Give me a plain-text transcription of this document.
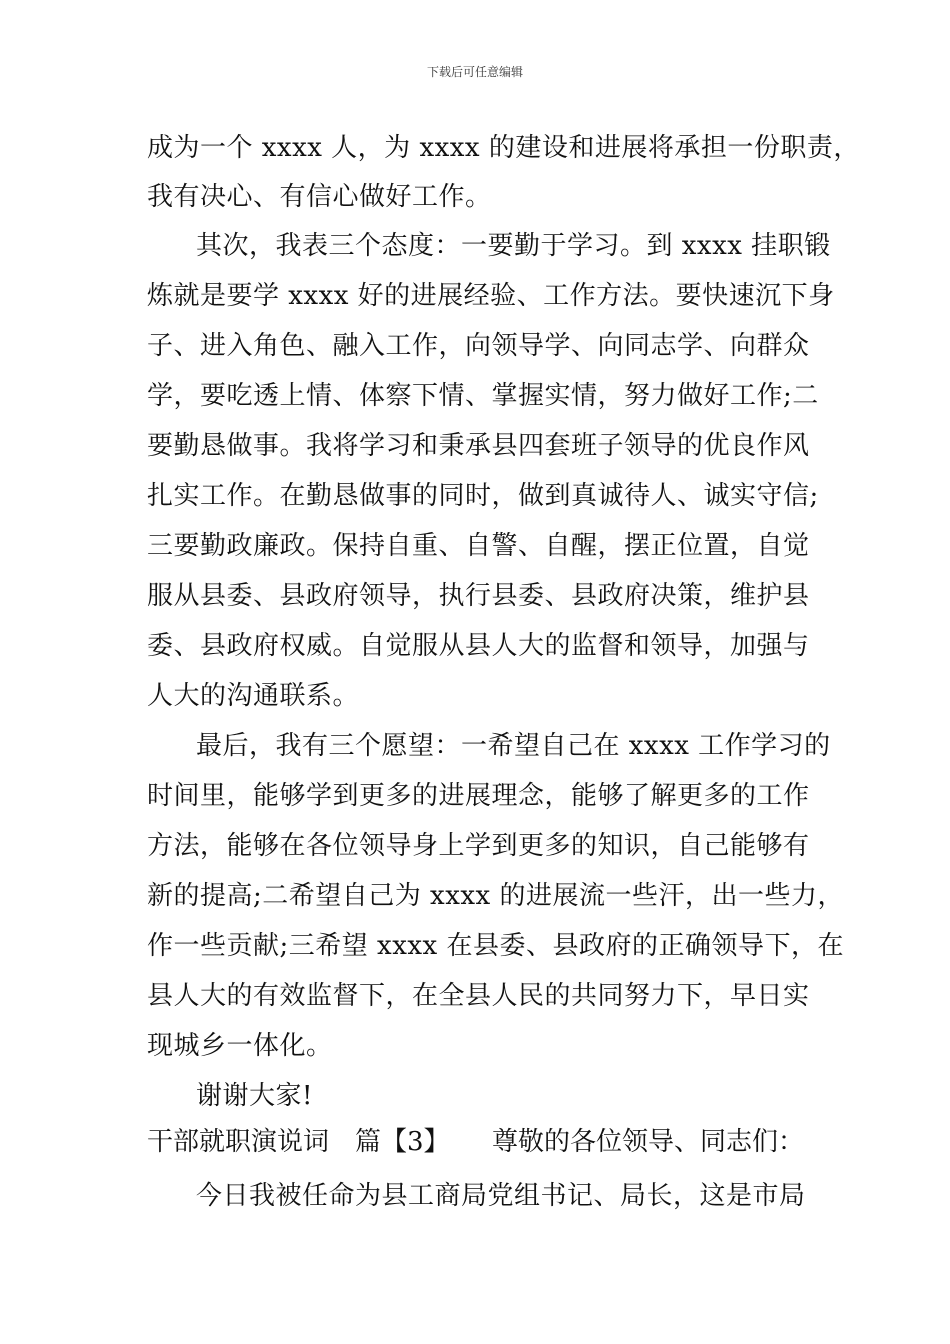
下载后可任意编辑
成为一个 xxxx 人，为 xxxx 的建设和进展将承担一份职责，
我有决心、有信心做好工作。
其次，我表三个态度：一要勤于学习。到 xxxx 挂职锻
炼就是要学 xxxx 好的进展经验、工作方法。要快速沉下身
子、进入角色、融入工作，向领导学、向同志学、向群众
学，要吃透上情、体察下情、掌握实情，努力做好工作;二
要勤恳做事。我将学习和秉承县四套班子领导的优良作风
扎实工作。在勤恳做事的同时，做到真诚待人、诚实守信;
三要勤政廉政。保持自重、自警、自醒，摆正位置，自觉
服从县委、县政府领导，执行县委、县政府决策，维护县
委、县政府权威。自觉服从县人大的监督和领导，加强与
人大的沟通联系。
最后，我有三个愿望：一希望自己在 xxxx 工作学习的
时间里，能够学到更多的进展理念，能够了解更多的工作
方法，能够在各位领导身上学到更多的知识，自己能够有
新的提高;二希望自己为 xxxx 的进展流一些汗，出一些力，
作一些贡献;三希望 xxxx 在县委、县政府的正确领导下，在
县人大的有效监督下，在全县人民的共同努力下，早日实
现城乡一体化。
谢谢大家!
干部就职演说词　篇【3】 尊敬的各位领导、同志们：
今日我被任命为县工商局党组书记、局长，这是市局
